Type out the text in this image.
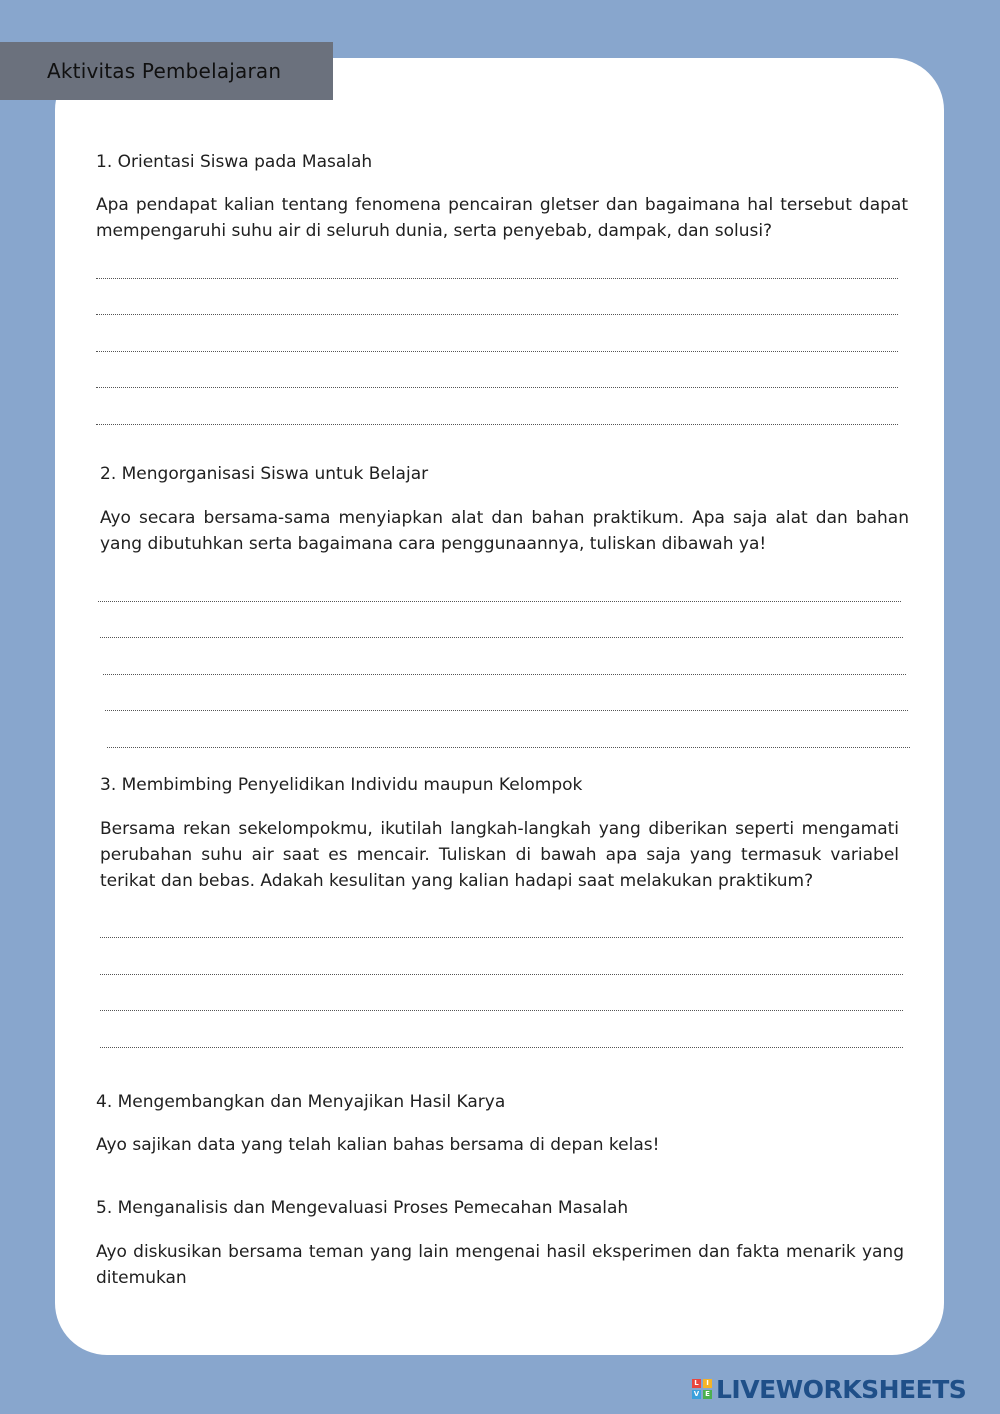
Aktivitas Pembelajaran
1. Orientasi Siswa pada Masalah

Apa pendapat kalian tentang fenomena pencairan gletser dan bagaimana hal tersebut dapat mempengaruhi suhu air di seluruh dunia, serta penyebab, dampak, dan solusi?

2. Mengorganisasi Siswa untuk Belajar

Ayo secara bersama-sama menyiapkan alat dan bahan praktikum. Apa saja alat dan bahan yang dibutuhkan serta bagaimana cara penggunaannya, tuliskan dibawah ya!

3. Membimbing Penyelidikan Individu maupun Kelompok

Bersama rekan sekelompokmu, ikutilah langkah-langkah yang diberikan seperti mengamati perubahan suhu air saat es mencair. Tuliskan di bawah apa saja yang termasuk variabel terikat dan bebas. Adakah kesulitan yang kalian hadapi saat melakukan praktikum?

4. Mengembangkan dan Menyajikan Hasil Karya

Ayo sajikan data yang telah kalian bahas bersama di depan kelas!

5. Menganalisis dan Mengevaluasi Proses Pemecahan Masalah

Ayo diskusikan bersama teman yang lain mengenai hasil eksperimen dan fakta menarik yang ditemukan

L	I
V E LIVEWORKSHEETS
